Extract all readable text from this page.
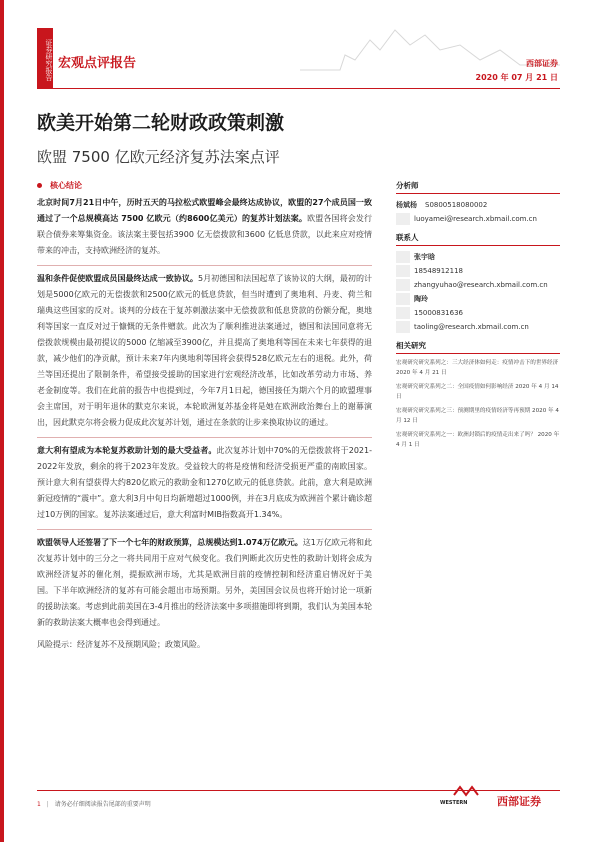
证券研究报告 宏观点评报告	西部证券
2020 年 07 月 21 日
欧美开始第二轮财政政策刺激
欧盟 7500 亿欧元经济复苏法案点评
核心结论

北京时间7月21日中午，历时五天的马拉松式欧盟峰会最终达成协议，欧盟的27个成员国一致通过了一个总规模高达 7500 亿欧元（约8600亿美元）的复苏计划法案。欧盟各国将会发行联合债券来筹集资金。该法案主要包括3900 亿无偿拨款和3600 亿低息贷款，以此来应对疫情带来的冲击，支持欧洲经济的复苏。

温和条件促使欧盟成员国最终达成一致协议。5月初德国和法国起草了该协议的大纲，最初的计划是5000亿欧元的无偿拨款和2500亿欧元的低息贷款，但当时遭到了奥地利、丹麦、荷兰和瑞典这些国家的反对。谈判的分歧在于复苏刺激法案中无偿拨款和低息贷款的份额分配，奥地利等国家一直反对过于慷慨的无条件赠款。此次为了顺利推进法案通过，德国和法国同意将无偿拨款规模由最初提议的5000 亿缩减至3900亿，并且提高了奥地利等国在未来七年获得的退款，减少他们的净贡献，预计未来7年内奥地利等国将会获得528亿欧元左右的退税。此外，荷兰等国还提出了限制条件，希望接受援助的国家进行宏观经济改革，比如改革劳动力市场、养老金制度等。我们在此前的报告中也提到过，今年7月1日起，德国接任为期六个月的欧盟理事会主席国，对于明年退休的默克尔来说，本轮欧洲复苏基金将是她在欧洲政治舞台上的谢幕演出，因此默克尔将会极力促成此次复苏计划，通过在条款的让步来换取协议的通过。

意大利有望成为本轮复苏救助计划的最大受益者。此次复苏计划中70%的无偿拨款将于2021-2022年发放，剩余的将于2023年发放。受益较大的将是疫情和经济受损更严重的南欧国家。预计意大利有望获得大约820亿欧元的救助金和1270亿欧元的低息贷款。此前，意大利是欧洲新冠疫情的“震中”。意大利3月中旬日均新增超过1000例，并在3月底成为欧洲首个累计确诊超过10万例的国家。复苏法案通过后，意大利富时MIB指数高开1.34%。

欧盟领导人还签署了下一个七年的财政预算，总规模达到1.074万亿欧元。这1万亿欧元将和此次复苏计划中的三分之一将共同用于应对气候变化。我们判断此次历史性的救助计划将会成为欧洲经济复苏的催化剂，提振欧洲市场，尤其是欧洲目前的疫情控制和经济重启情况好于美国。下半年欧洲经济的复苏有可能会超出市场预期。另外，美国国会议员也将开始讨论一项新的援助法案。考虑到此前美国在3-4月推出的经济法案中多项措施即将到期，我们认为美国本轮新的救助法案大概率也会得到通过。

风险提示：经济复苏不及预期风险；政策风险。

分析师
杨斌杨 S0800518080002
luoyamei@research.xbmail.com.cn
联系人
张宇晗
18548912118
zhangyuhao@research.xbmail.com.cn
陶玲
15000831636
taoling@research.xbmail.com.cn
相关研究
宏观研究研究系列之：三大经济体如何走：疫情冲击下的世界经济 2020 年 4 月 21 日
宏观研究研究系列之二：全国疫情如何影响经济 2020 年 4 月 14 日
宏观研究研究系列之三：预测期里的疫情经济等再预期 2020 年 4 月 12 日
宏观研究研究系列之一：欧洲封锁后的疫情走出来了吗？ 2020 年 4 月 1 日
1 | 请务必仔细阅读报告尾部的重要声明	WESTERN	西部证券
